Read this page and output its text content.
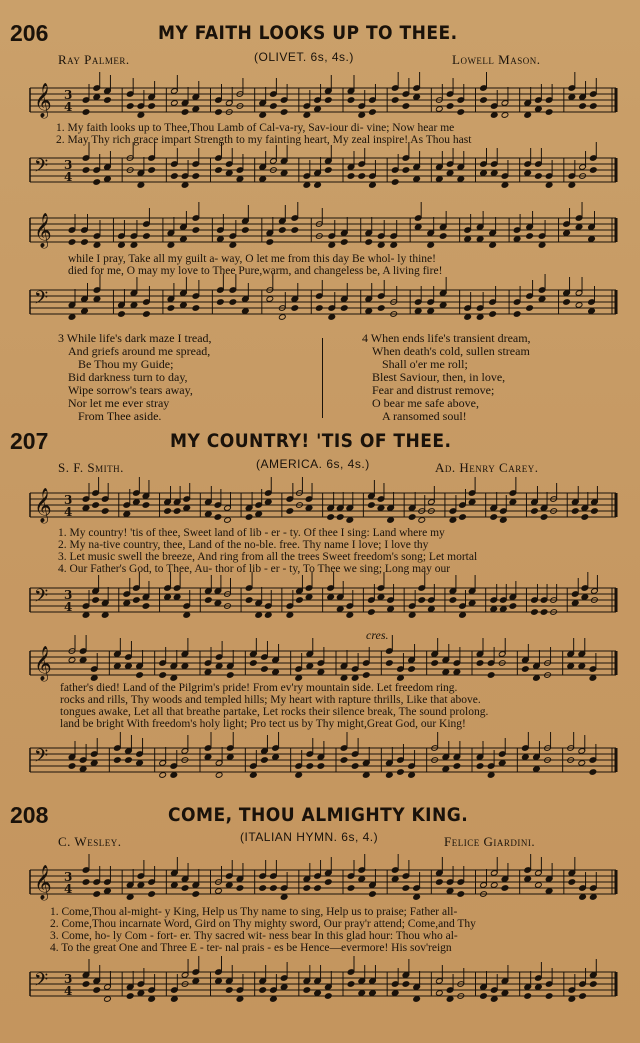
206	MY FAITH LOOKS UP TO THEE.
Ray Palmer.	(OLIVET. 6s, 4s.)	Lowell Mason.
𝄞 3
4
1. My faith looks up to Thee,Thou Lamb of Cal-va-ry, Sav-iour di- vine; Now hear me
2. May Thy rich grace impart Strength to my fainting heart, My zeal inspire! As Thou hast
𝄢 3
4
𝄞
while I pray, Take all my guilt a- way, O let me from this day Be whol- ly thine!
died for me, O may my love to Thee Pure,warm, and changeless be, A living fire!
𝄢
3 While life's dark maze I tread,
And griefs around me spread,
Be Thou my Guide;
Bid darkness turn to day,
Wipe sorrow's tears away,
Nor let me ever stray
From Thee aside.
4 When ends life's transient dream,
When death's cold, sullen stream
Shall o'er me roll;
Blest Saviour, then, in love,
Fear and distrust remove;
O bear me safe above,
A ransomed soul!
207	MY COUNTRY! 'TIS OF THEE.
S. F. Smith.	(AMERICA. 6s, 4s.)	Ad. Henry Carey.
𝄞 3
4
1. My country! 'tis of thee, Sweet land of lib - er - ty. Of thee I sing: Land where my
2. My na-tive country, thee, Land of the no-ble. free. Thy name I love; I love thy
3. Let music swell the breeze, And ring from all the trees Sweet freedom's song; Let mortal
4. Our Father's God, to Thee, Au- thor of lib - er - ty, To Thee we sing; Long may our
𝄢 3
4
cres.
𝄞
father's died! Land of the Pilgrim's pride! From ev'ry mountain side. Let freedom ring.
rocks and rills, Thy woods and templed hills; My heart with rapture thrills, Like that above.
tongues awake, Let all that breathe partake, Let rocks their silence break, The sound prolong.
land be bright With freedom's holy light; Pro tect us by Thy might,Great God, our King!
𝄢
208	COME, THOU ALMIGHTY KING.
C. Wesley.	(ITALIAN HYMN. 6s, 4.)	Felice Giardini.
𝄞 3
4
1. Come,Thou al-might- y King, Help us Thy name to sing, Help us to praise; Father all-
2. Come,Thou incarnate Word, Gird on Thy mighty sword, Our pray'r attend; Come,and Thy
3. Come, ho- ly Com - fort- er. Thy sacred wit- ness bear In this glad hour: Thou who al-
4. To the great One and Three E - ter- nal prais - es be Hence—evermore! His sov'reign
𝄢 3
4
